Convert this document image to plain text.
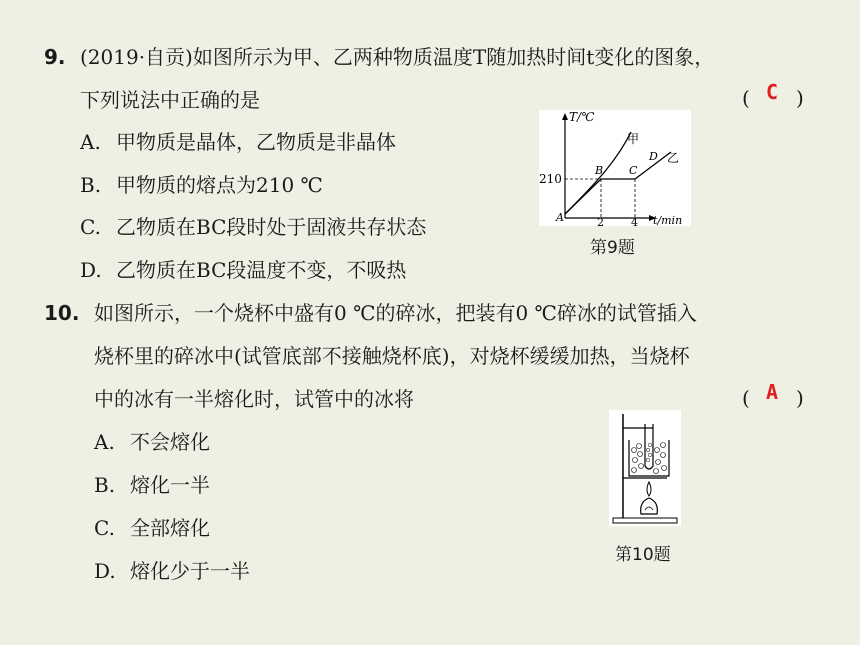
9. (2019·自贡)如图所示为甲、乙两种物质温度T随加热时间t变化的图象，
下列说法中正确的是	( C )
A. 甲物质是晶体，乙物质是非晶体
B. 甲物质的熔点为210 ℃
C. 乙物质在BC段时处于固液共存状态
D. 乙物质在BC段温度不变，不吸热
T/℃
t/min
210
2 4
A
B C
D
甲
乙
第9题
10. 如图所示，一个烧杯中盛有0 ℃的碎冰，把装有0 ℃碎冰的试管插入
烧杯里的碎冰中(试管底部不接触烧杯底)，对烧杯缓缓加热，当烧杯
中的冰有一半熔化时，试管中的冰将	( A )
A. 不会熔化
B. 熔化一半
C. 全部熔化
D. 熔化少于一半
第10题
